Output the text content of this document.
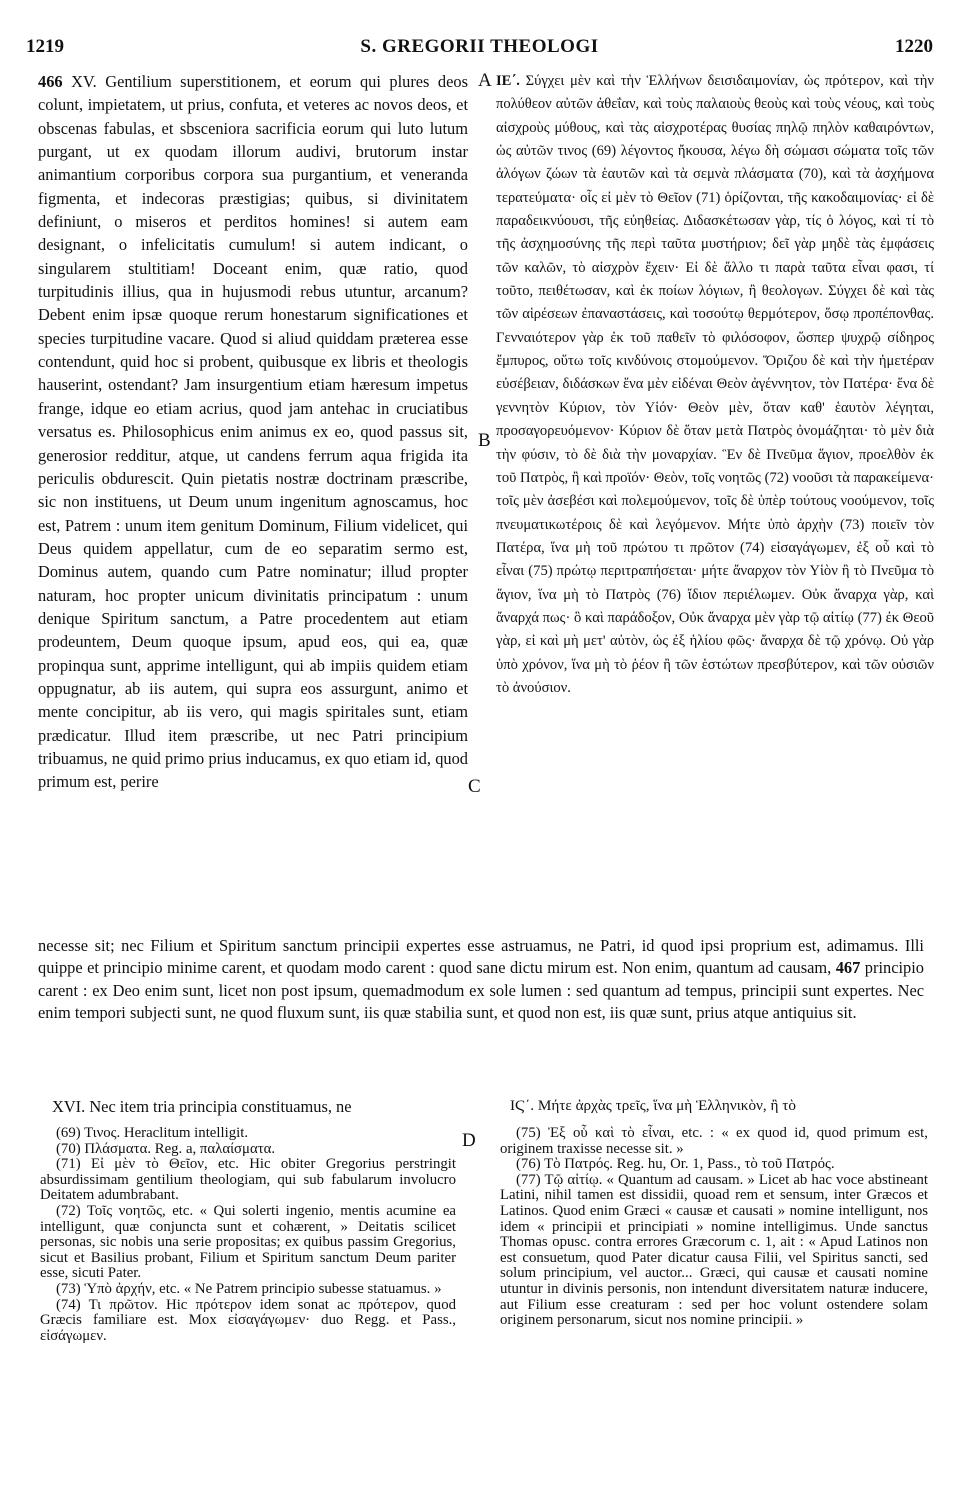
1219	S. GREGORII THEOLOGI	1220
A
B
C
D

466 XV. Gentilium superstitionem, et eorum qui plures deos colunt, impietatem, ut prius, confuta, et veteres ac novos deos, et obscenas fabulas, et sbsceniora sacrificia eorum qui luto lutum purgant, ut ex quodam illorum audivi, brutorum instar animantium corporibus corpora sua purgantium, et veneranda figmenta, et indecoras præstigias; quibus, si divinitatem definiunt, o miseros et perditos homines! si autem eam designant, o infelicitatis cumulum! si autem indicant, o singularem stultitiam! Doceant enim, quæ ratio, quod turpitudinis illius, qua in hujusmodi rebus utuntur, arcanum? Debent enim ipsæ quoque rerum honestarum significationes et species turpitudine vacare. Quod si aliud quiddam præterea esse contendunt, quid hoc si probent, quibusque ex libris et theologis hauserint, ostendant? Jam insurgentium etiam hæresum impetus frange, idque eo etiam acrius, quod jam antehac in cruciatibus versatus es. Philosophicus enim animus ex eo, quod passus sit, generosior redditur, atque, ut candens ferrum aqua frigida ita periculis obdurescit. Quin pietatis nostræ doctrinam præscribe, sic non instituens, ut Deum unum ingenitum agnoscamus, hoc est, Patrem : unum item genitum Dominum, Filium videlicet, qui Deus quidem appellatur, cum de eo separatim sermo est, Dominus autem, quando cum Patre nominatur; illud propter naturam, hoc propter unicum divinitatis principatum : unum denique Spiritum sanctum, a Patre procedentem aut etiam prodeuntem, Deum quoque ipsum, apud eos, qui ea, quæ propinqua sunt, apprime intelligunt, qui ab impiis quidem etiam oppugnatur, ab iis autem, qui supra eos assurgunt, animo et mente concipitur, ab iis vero, qui magis spiritales sunt, etiam prædicatur. Illud item præscribe, ut nec Patri principium tribuamus, ne quid primo prius inducamus, ex quo etiam id, quod primum est, perire

ΙΕ΄. Σύγχει μὲν καὶ τὴν Ἑλλήνων δεισιδαιμονίαν, ὡς πρότερον, καὶ τὴν πολύθεον αὐτῶν ἀθεΐαν, καὶ τοὺς παλαιοὺς θεοὺς καὶ τοὺς νέους, καὶ τοὺς αἰσχροὺς μύθους, καὶ τὰς αἰσχροτέρας θυσίας πηλῷ πηλὸν καθαιρόντων, ὡς αὐτῶν τινος (69) λέγοντος ἤκουσα, λέγω δὴ σώμασι σώματα τοῖς τῶν ἀλόγων ζώων τὰ ἑαυτῶν καὶ τὰ σεμνὰ πλάσματα (70), καὶ τὰ ἀσχήμονα τερατεύματα· οἷς εἰ μὲν τὸ Θεῖον (71) ὁρίζονται, τῆς κακοδαιμονίας· εἰ δὲ παραδεικνύουσι, τῆς εὐηθείας. Διδασκέτωσαν γὰρ, τίς ὁ λόγος, καὶ τί τὸ τῆς ἀσχημοσύνης τῆς περὶ ταῦτα μυστήριον; δεῖ γὰρ μηδὲ τὰς ἐμφάσεις τῶν καλῶν, τὸ αἰσχρὸν ἔχειν· Εἰ δὲ ἄλλο τι παρὰ ταῦτα εἶναι φασι, τί τοῦτο, πειθέτωσαν, καὶ ἐκ ποίων λόγιων, ἢ θεολογων. Σύγχει δὲ καὶ τὰς τῶν αἱρέσεων ἐπαναστάσεις, καὶ τοσούτῳ θερμότερον, ὅσῳ προπέπονθας. Γενναιότερον γὰρ ἐκ τοῦ παθεῖν τὸ φιλόσοφον, ὥσπερ ψυχρῷ σίδηρος ἔμπυρος, οὕτω τοῖς κινδύνοις στομούμενον. Ὅριζου δὲ καὶ τὴν ἡμετέραν εὐσέβειαν, διδάσκων ἕνα μὲν εἰδέναι Θεὸν ἀγέννητον, τὸν Πατέρα· ἕνα δὲ γεννητὸν Κύριον, τὸν Υἱόν· Θεὸν μὲν, ὅταν καθ' ἑαυτὸν λέγηται, προσαγορευόμενον· Κύριον δὲ ὅταν μετὰ Πατρὸς ὀνομάζηται· τὸ μὲν διὰ τὴν φύσιν, τὸ δὲ διὰ τὴν μοναρχίαν. Ἓν δὲ Πνεῦμα ἅγιον, προελθὸν ἐκ τοῦ Πατρὸς, ἢ καὶ προϊόν· Θεὸν, τοῖς νοητῶς (72) νοοῦσι τὰ παρακείμενα· τοῖς μὲν ἀσεβέσι καὶ πολεμούμενον, τοῖς δὲ ὑπὲρ τούτους νοούμενον, τοῖς πνευματικωτέροις δὲ καὶ λεγόμενον. Μήτε ὑπὸ ἀρχὴν (73) ποιεῖν τὸν Πατέρα, ἵνα μὴ τοῦ πρώτου τι πρῶτον (74) εἰσαγάγωμεν, ἐξ οὗ καὶ τὸ εἶναι (75) πρώτῳ περιτραπήσεται· μήτε ἄναρχον τὸν Υἱὸν ἢ τὸ Πνεῦμα τὸ ἅγιον, ἵνα μὴ τὸ Πατρὸς (76) ἴδιον περιέλωμεν. Οὐκ ἄναρχα γὰρ, καὶ ἄναρχά πως· ὃ καὶ παράδοξον, Οὐκ ἄναρχα μὲν γὰρ τῷ αἰτίῳ (77) ἐκ Θεοῦ γὰρ, εἰ καὶ μὴ μετ' αὐτὸν, ὡς ἐξ ἡλίου φῶς· ἄναρχα δὲ τῷ χρόνῳ. Οὐ γὰρ ὑπὸ χρόνον, ἵνα μὴ τὸ ῥέον ἢ τῶν ἑστώτων πρεσβύτερον, καὶ τῶν οὐσιῶν τὸ ἀνούσιον.

necesse sit; nec Filium et Spiritum sanctum principii expertes esse astruamus, ne Patri, id quod ipsi proprium est, adimamus. Illi quippe et principio minime carent, et quodam modo carent : quod sane dictu mirum est. Non enim, quantum ad causam, 467 principio carent : ex Deo enim sunt, licet non post ipsum, quemadmodum ex sole lumen : sed quantum ad tempus, principii sunt expertes. Nec enim tempori subjecti sunt, ne quod fluxum sunt, iis quæ stabilia sunt, et quod non est, iis quæ sunt, prius atque antiquius sit.

XVI. Nec item tria principia constituamus, ne	ΙϚ΄. Μήτε ἀρχὰς τρεῖς, ἵνα μὴ Ἑλληνικὸν, ἢ τὸ
(69) Τινος. Heraclitum intelligit.
(70) Πλάσματα. Reg. a, παλαίσματα.
(71) Εἰ μὲν τὸ Θεῖον, etc. Hic obiter Gregorius perstringit absurdissimam gentilium theologiam, qui sub fabularum involucro Deitatem adumbrabant.
(72) Τοῖς νοητῶς, etc. « Qui solerti ingenio, mentis acumine ea intelligunt, quæ conjuncta sunt et cohærent, » Deitatis scilicet personas, sic nobis una serie propositas; ex quibus passim Gregorius, sicut et Basilius probant, Filium et Spiritum sanctum Deum pariter esse, sicuti Pater.
(73) Ὑπὸ ἀρχήν, etc. « Ne Patrem principio subesse statuamus. »
(74) Τι πρῶτον. Hic πρότερον idem sonat ac πρότερον, quod Græcis familiare est. Mox εἰσαγάγωμεν· duo Regg. et Pass., εἰσάγωμεν.
(75) Ἐξ οὗ καὶ τὸ εἶναι, etc. : « ex quod id, quod primum est, originem traxisse necesse sit. »
(76) Τὸ Πατρός. Reg. hu, Or. 1, Pass., τὸ τοῦ Πατρός.
(77) Τῷ αἰτίῳ. « Quantum ad causam. » Licet ab hac voce abstineant Latini, nihil tamen est dissidii, quoad rem et sensum, inter Græcos et Latinos. Quod enim Græci « causæ et causati » nomine intelligunt, nos idem « principii et principiati » nomine intelligimus. Unde sanctus Thomas opusc. contra errores Græcorum c. 1, ait : « Apud Latinos non est consuetum, quod Pater dicatur causa Filii, vel Spiritus sancti, sed solum principium, vel auctor... Græci, qui causæ et causati nomine utuntur in divinis personis, non intendunt diversitatem naturæ inducere, aut Filium esse creaturam : sed per hoc volunt ostendere solam originem personarum, sicut nos nomine principii. »
